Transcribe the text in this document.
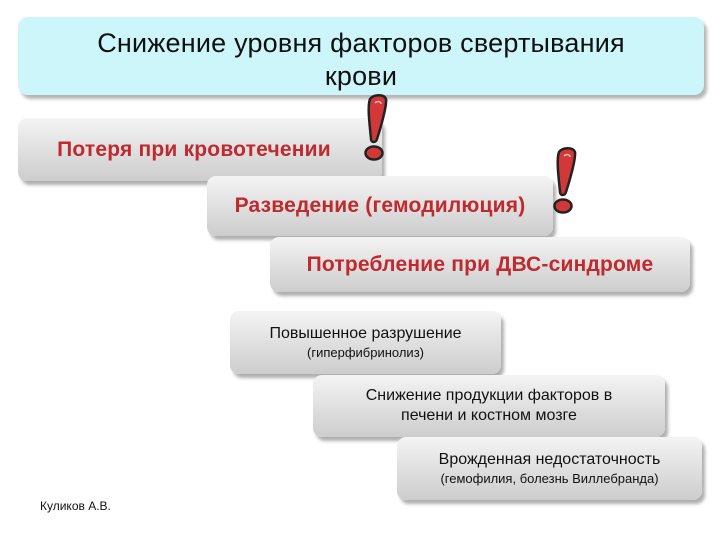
Снижение уровня факторов свертывания
крови
Потеря при кровотечении
Разведение (гемодилюция)
Потребление при ДВС-синдроме
Повышенное разрушение
(гиперфибринолиз)
Снижение продукции факторов в
печени и костном мозге
Врожденная недостаточность
(гемофилия, болезнь Виллебранда)
Куликов А.В.
